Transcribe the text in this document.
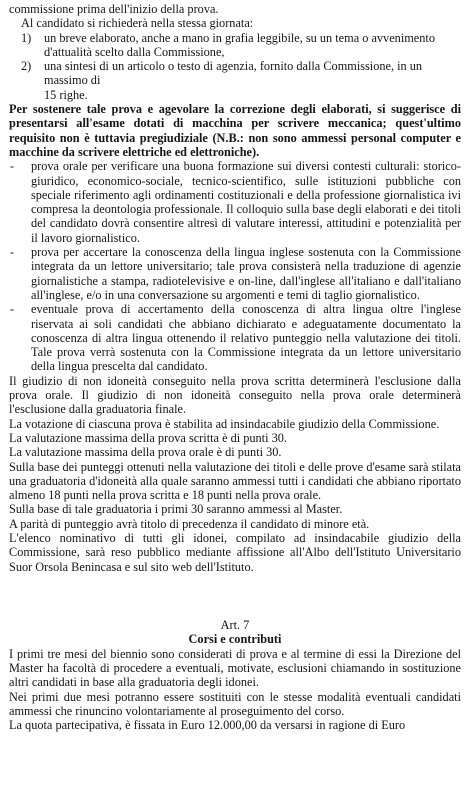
commissione prima dell'inizio della prova.

Al candidato si richiederà nella stessa giornata:

1)	un breve elaborato, anche a mano in grafia leggibile, su un tema o avvenimento d'attualità scelto dalla Commissione,
2)	una sintesi di un articolo o testo di agenzia, fornito dalla Commissione, in un massimo di

15 righe.

Per sostenere tale prova e agevolare la correzione degli elaborati, si suggerisce di presentarsi all'esame dotati di macchina per scrivere meccanica; quest'ultimo requisito non è tuttavia pregiudiziale (N.B.: non sono ammessi personal computer e macchine da scrivere elettriche ed elettroniche).

-	prova orale per verificare una buona formazione sui diversi contesti culturali: storico-giuridico, economico-sociale, tecnico-scientifico, sulle istituzioni pubbliche con speciale riferimento agli ordinamenti costituzionali e della professione giornalistica ivi compresa la deontologia professionale. Il colloquio sulla base degli elaborati e dei titoli del candidato dovrà consentire altresì di valutare interessi, attitudini e potenzialità per il lavoro giornalistico.
-	prova per accertare la conoscenza della lingua inglese sostenuta con la Commissione integrata da un lettore universitario; tale prova consisterà nella traduzione di agenzie giornalistiche a stampa, radiotelevisive e on-line, dall'inglese all'italiano e dall'italiano all'inglese, e/o in una conversazione su argomenti e temi di taglio giornalistico.
-	eventuale prova di accertamento della conoscenza di altra lingua oltre l'inglese riservata ai soli candidati che abbiano dichiarato e adeguatamente documentato la conoscenza di altra lingua ottenendo il relativo punteggio nella valutazione dei titoli. Tale prova verrà sostenuta con la Commissione integrata da un lettore universitario della lingua prescelta dal candidato.

Il giudizio di non idoneità conseguito nella prova scritta determinerà l'esclusione dalla prova orale. Il giudizio di non idoneità conseguito nella prova orale determinerà l'esclusione dalla graduatoria finale.

La votazione di ciascuna prova è stabilita ad insindacabile giudizio della Commissione.

La valutazione massima della prova scritta è di punti 30.

La valutazione massima della prova orale è di punti 30.

Sulla base dei punteggi ottenuti nella valutazione dei titoli e delle prove d'esame sarà stilata una graduatoria d'idoneità alla quale saranno ammessi tutti i candidati che abbiano riportato almeno 18 punti nella prova scritta e 18 punti nella prova orale.

Sulla base di tale graduatoria i primi 30 saranno ammessi al Master.

A parità di punteggio avrà titolo di precedenza il candidato di minore età.

L'elenco nominativo di tutti gli idonei, compilato ad insindacabile giudizio della Commissione, sarà reso pubblico mediante affissione all'Albo dell'Istituto Universitario Suor Orsola Benincasa e sul sito web dell'Istituto.

Art. 7

Corsi e contributi

I primi tre mesi del biennio sono considerati di prova e al termine di essi la Direzione del Master ha facoltà di procedere a eventuali, motivate, esclusioni chiamando in sostituzione altri candidati in base alla graduatoria degli idonei.

Nei primi due mesi potranno essere sostituiti con le stesse modalità eventuali candidati ammessi che rinuncino volontariamente al proseguimento del corso.

La quota partecipativa, è fissata in Euro 12.000,00 da versarsi in ragione di Euro
